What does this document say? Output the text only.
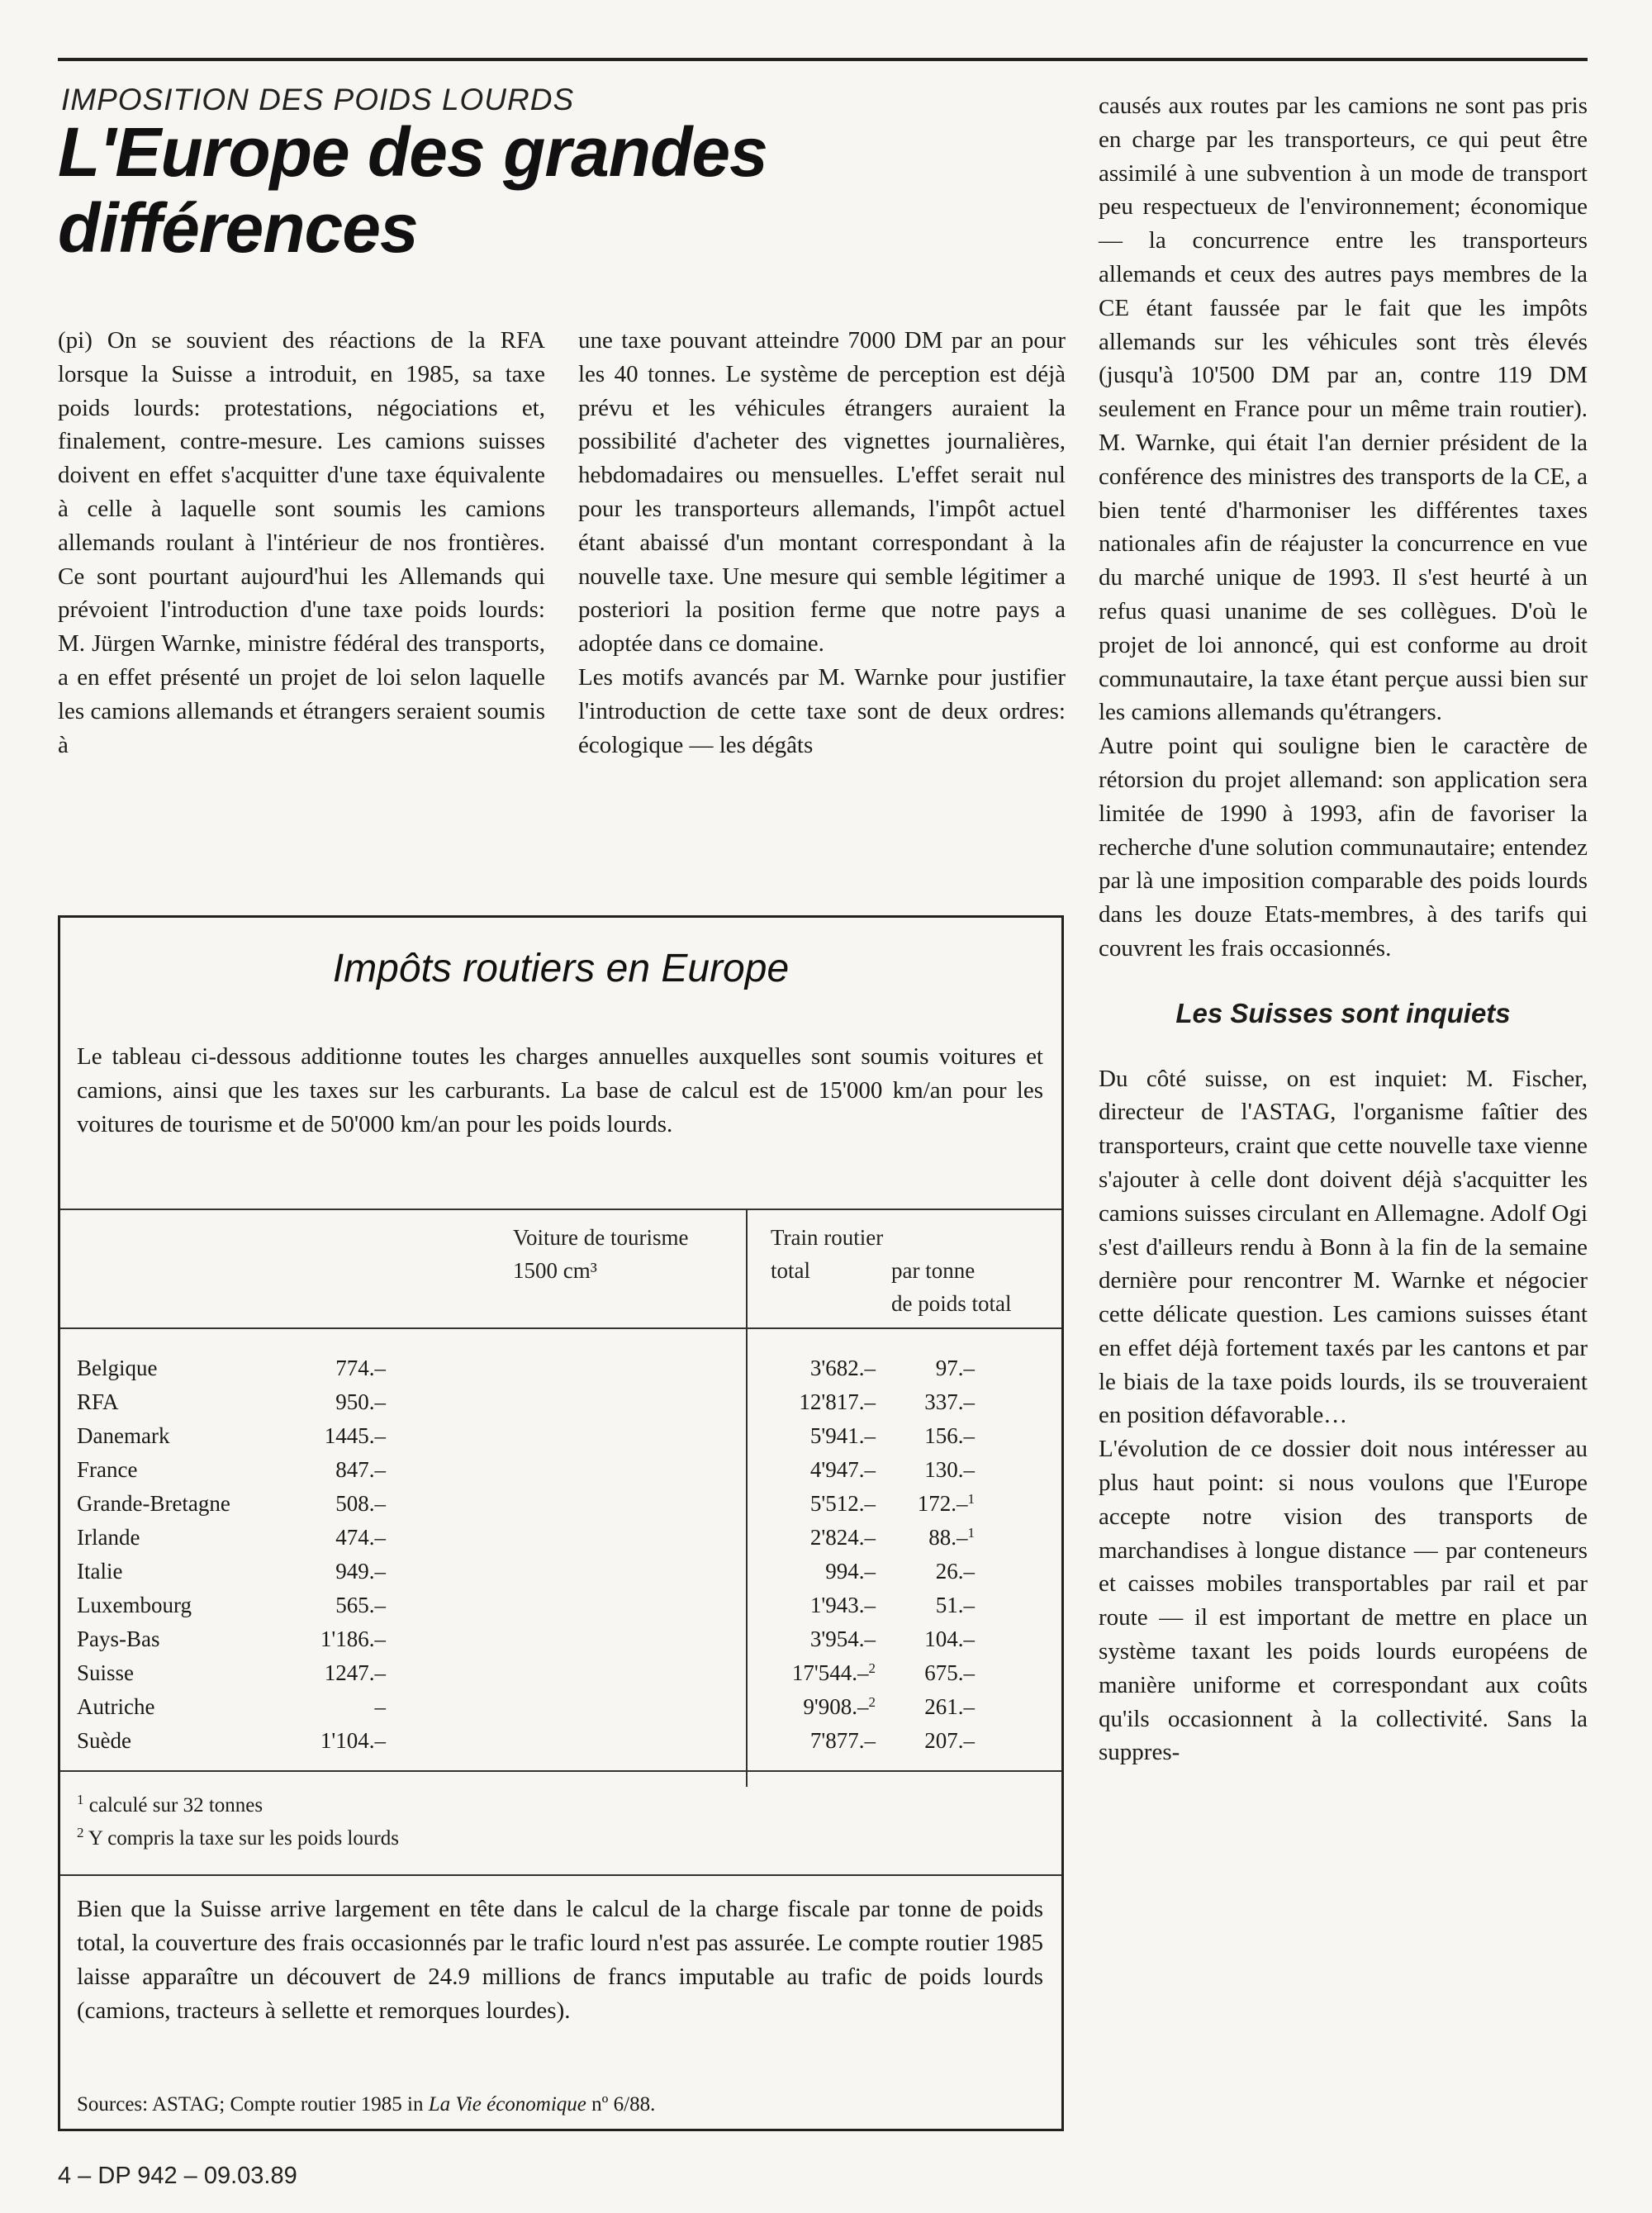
IMPOSITION DES POIDS LOURDS
L'Europe des grandes différences

(pi) On se souvient des réactions de la RFA lorsque la Suisse a introduit, en 1985, sa taxe poids lourds: protestations, négociations et, finalement, contre-mesure. Les camions suisses doivent en effet s'acquitter d'une taxe équivalente à celle à laquelle sont soumis les camions allemands roulant à l'intérieur de nos frontières. Ce sont pourtant aujourd'hui les Allemands qui prévoient l'introduction d'une taxe poids lourds: M. Jürgen Warnke, ministre fédéral des transports, a en effet présenté un projet de loi selon laquelle les camions allemands et étrangers seraient soumis à

une taxe pouvant atteindre 7000 DM par an pour les 40 tonnes. Le système de perception est déjà prévu et les véhicules étrangers auraient la possibilité d'acheter des vignettes journalières, hebdomadaires ou mensuelles. L'effet serait nul pour les transporteurs allemands, l'impôt actuel étant abaissé d'un montant correspondant à la nouvelle taxe. Une mesure qui semble légitimer a posteriori la position ferme que notre pays a adoptée dans ce domaine.

Les motifs avancés par M. Warnke pour justifier l'introduction de cette taxe sont de deux ordres: écologique — les dégâts

causés aux routes par les camions ne sont pas pris en charge par les transporteurs, ce qui peut être assimilé à une subvention à un mode de transport peu respectueux de l'environnement; économique — la concurrence entre les transporteurs allemands et ceux des autres pays membres de la CE étant faussée par le fait que les impôts allemands sur les véhicules sont très élevés (jusqu'à 10'500 DM par an, contre 119 DM seulement en France pour un même train routier). M. Warnke, qui était l'an dernier président de la conférence des ministres des transports de la CE, a bien tenté d'harmoniser les différentes taxes nationales afin de réajuster la concurrence en vue du marché unique de 1993. Il s'est heurté à un refus quasi unanime de ses collègues. D'où le projet de loi annoncé, qui est conforme au droit communautaire, la taxe étant perçue aussi bien sur les camions allemands qu'étrangers.

Autre point qui souligne bien le caractère de rétorsion du projet allemand: son application sera limitée de 1990 à 1993, afin de favoriser la recherche d'une solution communautaire; entendez par là une imposition comparable des poids lourds dans les douze Etats-membres, à des tarifs qui couvrent les frais occasionnés.

Les Suisses sont inquiets

Du côté suisse, on est inquiet: M. Fischer, directeur de l'ASTAG, l'organisme faîtier des transporteurs, craint que cette nouvelle taxe vienne s'ajouter à celle dont doivent déjà s'acquitter les camions suisses circulant en Allemagne. Adolf Ogi s'est d'ailleurs rendu à Bonn à la fin de la semaine dernière pour rencontrer M. Warnke et négocier cette délicate question. Les camions suisses étant en effet déjà fortement taxés par les cantons et par le biais de la taxe poids lourds, ils se trouveraient en position défavorable…

L'évolution de ce dossier doit nous intéresser au plus haut point: si nous voulons que l'Europe accepte notre vision des transports de marchandises à longue distance — par conteneurs et caisses mobiles transportables par rail et par route — il est important de mettre en place un système taxant les poids lourds européens de manière uniforme et correspondant aux coûts qu'ils occasionnent à la collectivité. Sans la suppres-

Impôts routiers en Europe
Le tableau ci-dessous additionne toutes les charges annuelles auxquelles sont soumis voitures et camions, ainsi que les taxes sur les carburants. La base de calcul est de 15'000 km/an pour les voitures de tourisme et de 50'000 km/an pour les poids lourds.
Voiture de tourisme
1500 cm³
Train routier
total	par tonne
de poids total
Belgique	774.–	3'682.–	97.–
RFA	950.–	12'817.– 337.–
Danemark	1445.–	5'941.– 156.–
France	847.–	4'947.– 130.–
Grande-Bretagne	508.–	5'512.– 172.–$^1$
Irlande	474.–	2'824.– 88.–$^1$
Italie	949.–	994.–	26.–
Luxembourg	565.–	1'943.–	51.–
Pays-Bas	1'186.–	3'954.– 104.–
Suisse	1247.–	17'544.–$^2$ 675.–
Autriche	–	9'908.–$^2$ 261.–
Suède	1'104.–	7'877.– 207.–
$^1$ calculé sur 32 tonnes
$^2$ Y compris la taxe sur les poids lourds
Bien que la Suisse arrive largement en tête dans le calcul de la charge fiscale par tonne de poids total, la couverture des frais occasionnés par le trafic lourd n'est pas assurée. Le compte routier 1985 laisse apparaître un découvert de 24.9 millions de francs imputable au trafic de poids lourds (camions, tracteurs à sellette et remorques lourdes).
Sources: ASTAG; Compte routier 1985 in La Vie économique nº 6/88.
4 – DP 942 – 09.03.89
